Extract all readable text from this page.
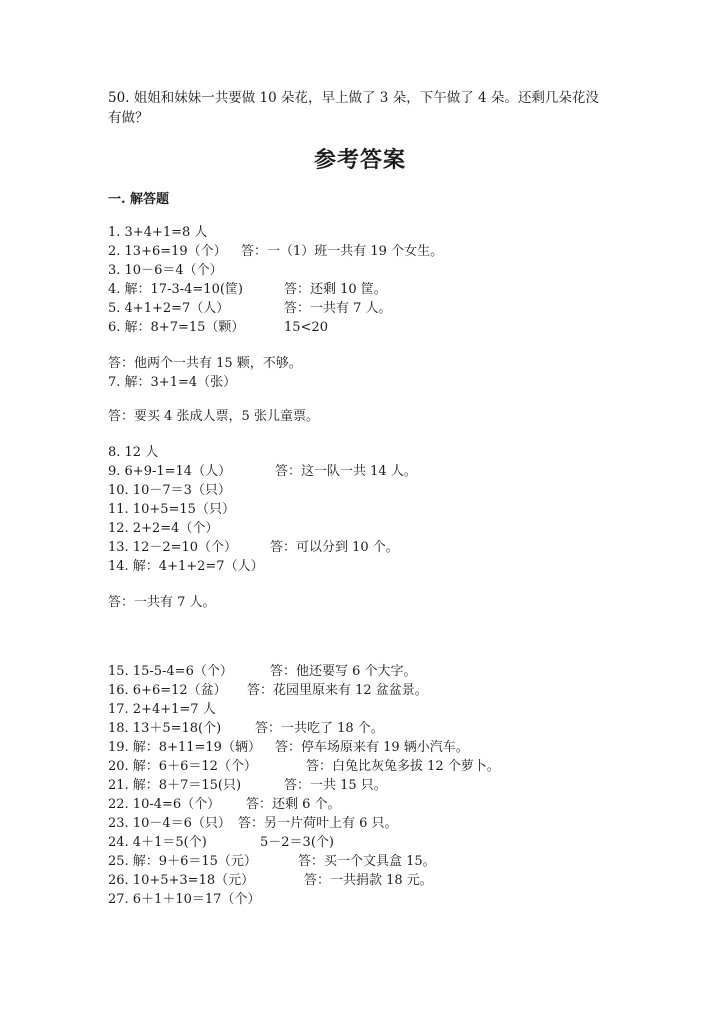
50. 姐姐和妹妹一共要做 10 朵花，早上做了 3 朵，下午做了 4 朵。还剩几朵花没有做？
参考答案
一. 解答题
1. 3+4+1=8 人
2. 13+6=19（个） 答：一（1）班一共有 19 个女生。
3. 10－6＝4（个）
4. 解：17-3-4=10(筐)	答：还剩 10 筐。
5. 4+1+2=7（人）	答：一共有 7 人。
6. 解：8+7=15（颗）	15<20
答：他两个一共有 15 颗，不够。
7. 解：3+1=4（张）
答：要买 4 张成人票，5 张儿童票。
8. 12 人
9. 6+9-1=14（人）	答：这一队一共 14 人。
10. 10－7＝3（只）
11. 10+5=15（只）
12. 2+2=4（个）
13. 12－2=10（个）	答：可以分到 10 个。
14. 解：4+1+2=7（人）
答：一共有 7 人。
15. 15-5-4=6（个）	答：他还要写 6 个大字。
16. 6+6=12（盆） 答：花园里原来有 12 盆盆景。
17. 2+4+1=7 人
18. 13＋5=18(个)	答：一共吃了 18 个。
19. 解：8+11=19（辆） 答：停车场原来有 19 辆小汽车。
20. 解：6＋6＝12（个）	答：白兔比灰兔多拔 12 个萝卜。
21. 解：8＋7＝15(只)	答：一共 15 只。
22. 10-4=6（个） 答：还剩 6 个。
23. 10－4＝6（只） 答：另一片荷叶上有 6 只。
24. 4＋1＝5(个)	5－2＝3(个)
25. 解：9＋6＝15（元）	答：买一个文具盒 15。
26. 10+5+3=18（元）	答：一共捐款 18 元。
27. 6＋1＋10＝17（个）
